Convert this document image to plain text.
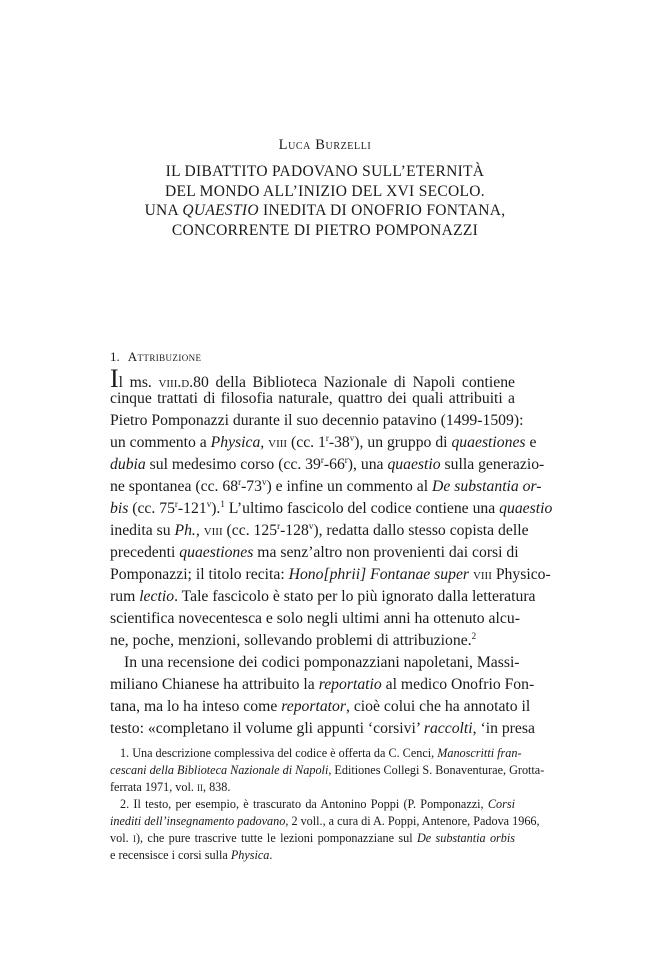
Luca Burzelli
IL DIBATTITO PADOVANO SULL’ETERNITÀ
DEL MONDO ALL’INIZIO DEL XVI SECOLO.
UNA QUAESTIO INEDITA DI ONOFRIO FONTANA,
CONCORRENTE DI PIETRO POMPONAZZI
1. Attribuzione
Il ms. viii.d.80 della Biblioteca Nazionale di Napoli contiene
cinque trattati di filosofia naturale, quattro dei quali attribuiti a
Pietro Pomponazzi durante il suo decennio patavino (1499-1509):
un commento a Physica, viii (cc. 1$^r$-38$^v$), un gruppo di quaestiones e
dubia sul medesimo corso (cc. 39$^r$-66$^r$), una quaestio sulla generazio-
ne spontanea (cc. 68$^r$-73$^v$) e infine un commento al De substantia or-
bis (cc. 75$^r$-121$^v$).$^1$ L’ultimo fascicolo del codice contiene una quaestio
inedita su Ph., viii (cc. 125$^r$-128$^v$), redatta dallo stesso copista delle
precedenti quaestiones ma senz’altro non provenienti dai corsi di
Pomponazzi; il titolo recita: Hono[phrii] Fontanae super viii Physico-
rum lectio. Tale fascicolo è stato per lo più ignorato dalla letteratura
scientifica novecentesca e solo negli ultimi anni ha ottenuto alcu-
ne, poche, menzioni, sollevando problemi di attribuzione.$^2$
In una recensione dei codici pomponazziani napoletani, Massi-
miliano Chianese ha attribuito la reportatio al medico Onofrio Fon-
tana, ma lo ha inteso come reportator, cioè colui che ha annotato il
testo: «completano il volume gli appunti ‘corsivi’ raccolti, ‘in presa
1. Una descrizione complessiva del codice è offerta da C. Cenci, Manoscritti fran-
cescani della Biblioteca Nazionale di Napoli, Editiones Collegi S. Bonaventurae, Grotta-
ferrata 1971, vol. ii, 838.
2. Il testo, per esempio, è trascurato da Antonino Poppi (P. Pomponazzi, Corsi
inediti dell’insegnamento padovano, 2 voll., a cura di A. Poppi, Antenore, Padova 1966,
vol. i), che pure trascrive tutte le lezioni pomponazziane sul De substantia orbis
e recensisce i corsi sulla Physica.
